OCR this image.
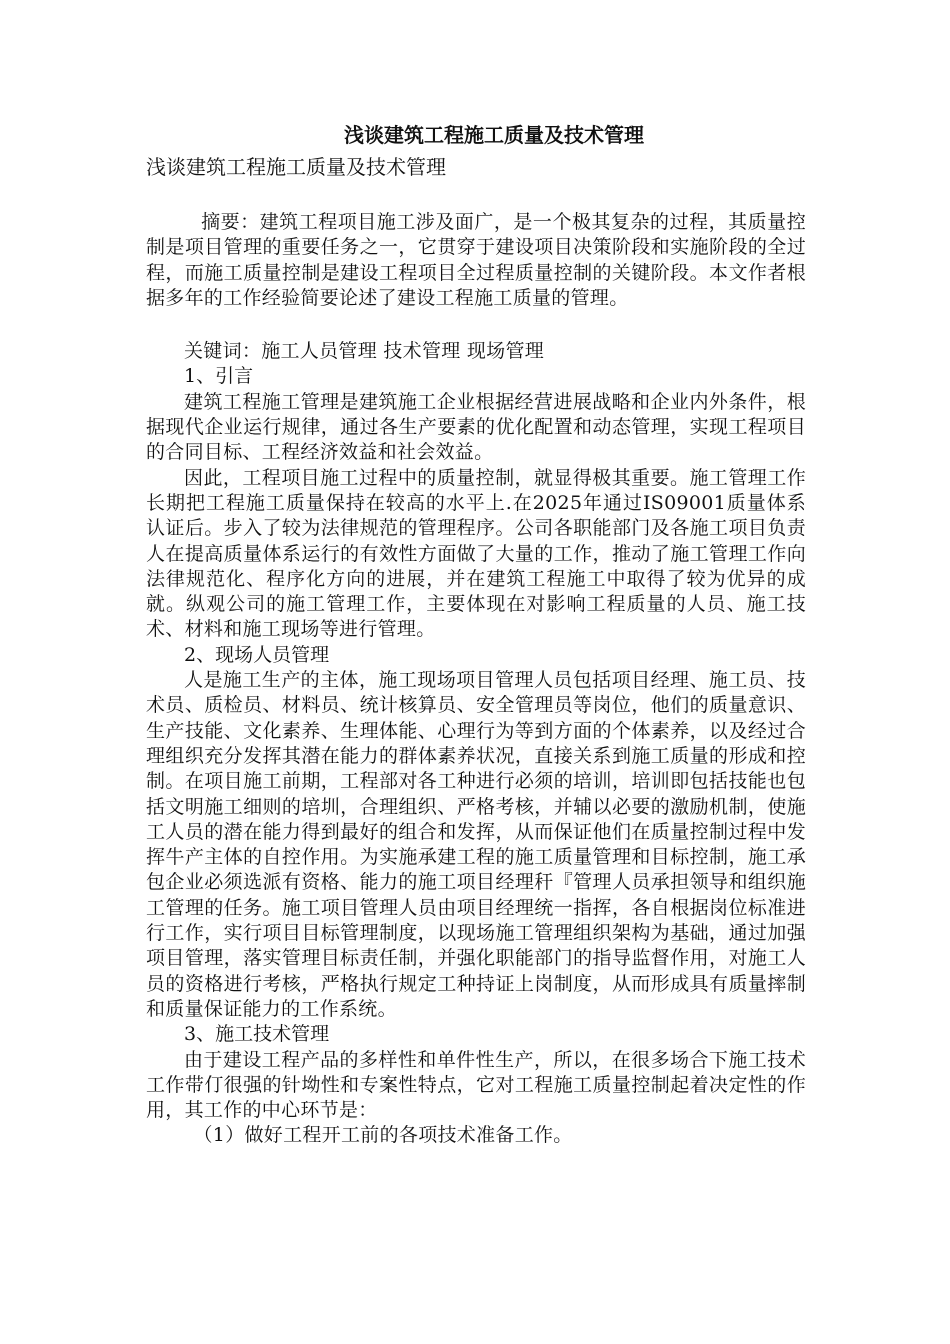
浅谈建筑工程施工质量及技术管理

浅谈建筑工程施工质量及技术管理

摘要：建筑工程项目施工涉及面广，是一个极其复杂的过程，其质量控制是项目管理的重要任务之一，它贯穿于建设项目决策阶段和实施阶段的全过程，而施工质量控制是建设工程项目全过程质量控制的关键阶段。本文作者根据多年的工作经验简要论述了建设工程施工质量的管理。

关键词：施工人员管理 技术管理 现场管理

1、引言

建筑工程施工管理是建筑施工企业根据经营进展战略和企业内外条件，根据现代企业运行规律，通过各生产要素的优化配置和动态管理，实现工程项目的合同目标、工程经济效益和社会效益。

因此，工程项目施工过程中的质量控制，就显得极其重要。施工管理工作长期把工程施工质量保持在较高的水平上.在2025年通过IS09001质量体系认证后。步入了较为法律规范的管理程序。公司各职能部门及各施工项目负责人在提高质量体系运行的有效性方面做了大量的工作，推动了施工管理工作向法律规范化、程序化方向的进展，并在建筑工程施工中取得了较为优异的成就。纵观公司的施工管理工作，主要体现在对影响工程质量的人员、施工技术、材料和施工现场等进行管理。

2、现场人员管理

人是施工生产的主体，施工现场项目管理人员包括项目经理、施工员、技术员、质检员、材料员、统计核算员、安全管理员等岗位，他们的质量意识、生产技能、文化素养、生理体能、心理行为等到方面的个体素养，以及经过合理组织充分发挥其潜在能力的群体素养状况，直接关系到施工质量的形成和控制。在项目施工前期，工程部对各工种进行必须的培训，培训即包括技能也包括文明施工细则的培圳，合理组织、严格考核，并辅以必要的激励机制，使施工人员的潜在能力得到最好的组合和发挥，从而保证他们在质量控制过程中发挥牛产主体的自控作用。为实施承建工程的施工质量管理和目标控制，施工承包企业必须选派有资格、能力的施工项目经理秆『管理人员承担领导和组织施工管理的任务。施工项目管理人员由项目经理统一指挥，各自根据岗位标准进行工作，实行项目目标管理制度，以现场施工管理组织架构为基础，通过加强项目管理，落实管理目标责任制，并强化职能部门的指导监督作用，对施工人员的资格进行考核，严格执行规定工种持证上岗制度，从而形成具有质量摔制和质量保证能力的工作系统。

3、施工技术管理

由于建设工程产品的多样性和单件性生产，所以，在很多场合下施工技术工作带仃很强的针坳性和专案性特点，它对工程施工质量控制起着决定性的作用，其工作的中心环节是：

（1）做好工程开工前的各项技术准备工作。
